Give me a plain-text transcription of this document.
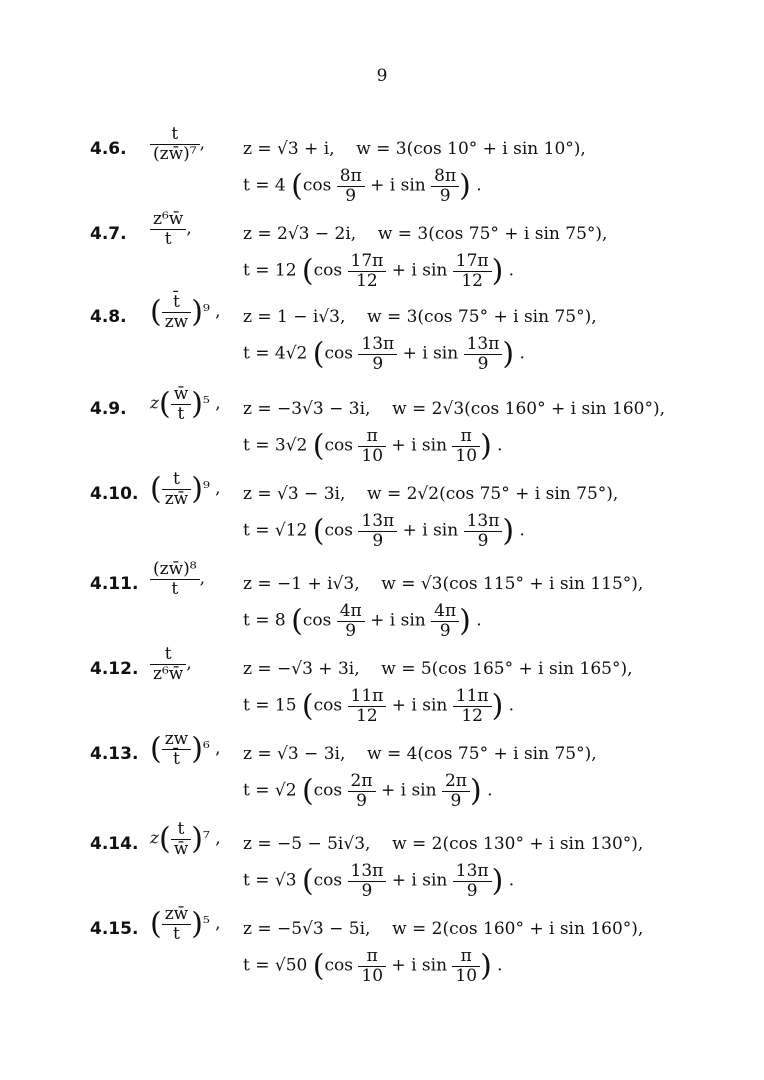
9
4.6. $\frac{t}{\text{(zw̄)⁷}}$ , z = √3 + i, w = 3(cos 10° + i sin 10°),
t = 4 ($\cos \frac{8\pi}{9} + i$ $\sin \frac{8\pi}{9}$ ) .
4.7. $\frac{\text{z⁶w̄}}{t}$ ,	z = 2√3 − 2i, w = 3(cos 75° + i sin 75°),
t = 12 ($\cos \frac{17\pi}{12} + i$ $\sin \frac{17\pi}{12}$ ) .
4.8. ( $\frac{t̄}{zw} )^9$ , z = 1 − i√3, w = 3(cos 75° + i sin 75°),
t = 4√2 ($\cos \frac{13\pi}{9} + i$ $\sin \frac{13\pi}{9}$ ) .
4.9. $z( \frac{w̄}{t} )^5$ , z = −3√3 − 3i, w = 2√3(cos 160° + i sin 160°),
t = 3√2 ($\cos \frac{\pi}{10} + i$ $\sin \frac{\pi}{10}$ ) .
4.10. ( $\frac{t}{zw̄} )^9$ , z = √3 − 3i, w = 2√2(cos 75° + i sin 75°),
t = √12 ($\cos \frac{13\pi}{9} + i$ $\sin \frac{13\pi}{9}$ ) .
4.11. $\frac{\text{(zw̄)⁸}}{t}$ , z = −1 + i√3, w = √3(cos 115° + i sin 115°),
t = 8 ($\cos \frac{4\pi}{9} + i$ $\sin \frac{4\pi}{9}$ ) .
4.12. $\frac{t}{\text{z⁶w̄}}$ ,	z = −√3 + 3i, w = 5(cos 165° + i sin 165°),
t = 15 ($\cos \frac{11\pi}{12} + i$ $\sin \frac{11\pi}{12}$ ) .
4.13. ( $\frac{zw}{t̄} )^6$ , z = √3 − 3i, w = 4(cos 75° + i sin 75°),
t = √2 ($\cos \frac{2\pi}{9} + i$ $\sin \frac{2\pi}{9}$ ) .
4.14. $z( \frac{t}{w̄} )^7$ , z = −5 − 5i√3, w = 2(cos 130° + i sin 130°),
t = √3 ($\cos \frac{13\pi}{9} + i$ $\sin \frac{13\pi}{9}$ ) .
4.15. ( $\frac{zw̄}{t} )^5$ , z = −5√3 − 5i, w = 2(cos 160° + i sin 160°),
t = √50 ($\cos \frac{\pi}{10} + i$ $\sin \frac{\pi}{10}$ ) .
